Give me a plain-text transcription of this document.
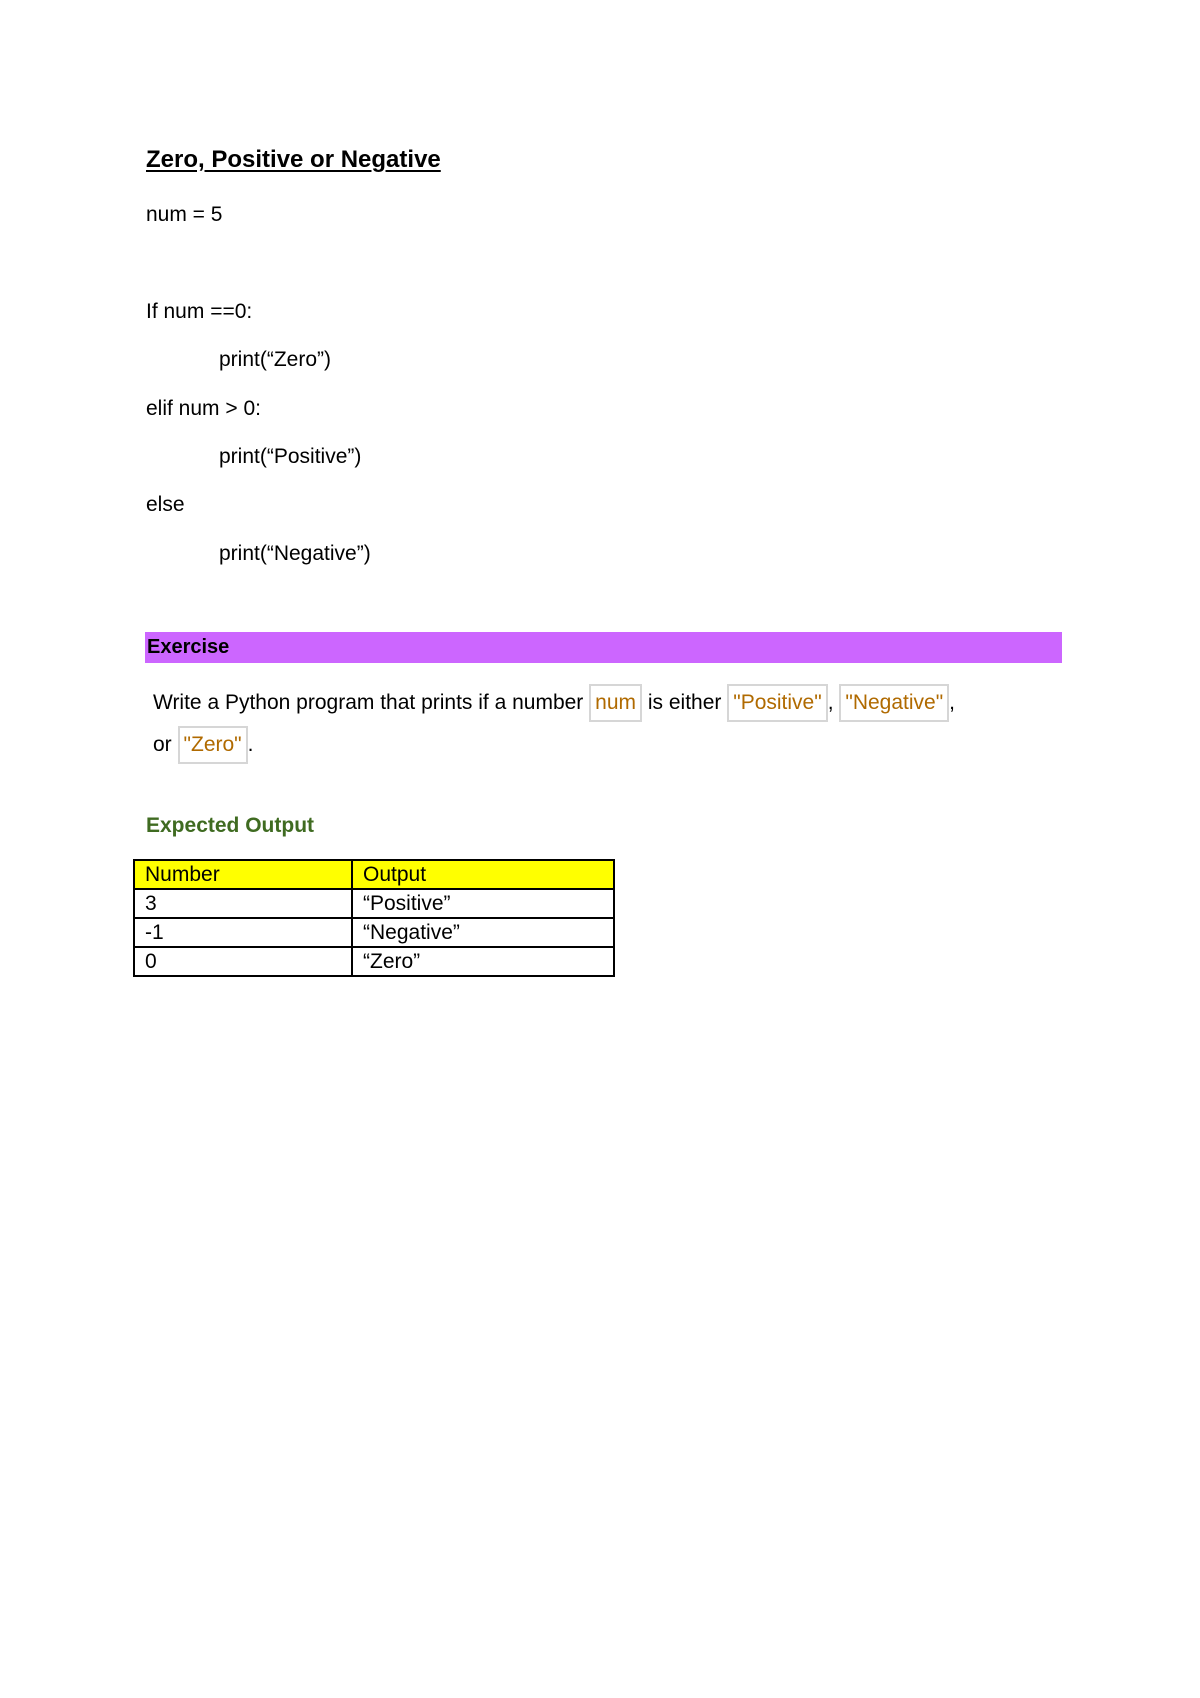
Zero, Positive or Negative

num = 5

If num ==0:

print(“Zero”)

elif num > 0:

print(“Positive”)

else

print(“Negative”)

Exercise

Write a Python program that prints if a number num is either "Positive" , "Negative" ,

or "Zero" .

Expected Output
Number	Output
3	“Positive”
-1	“Negative”
0	“Zero”
